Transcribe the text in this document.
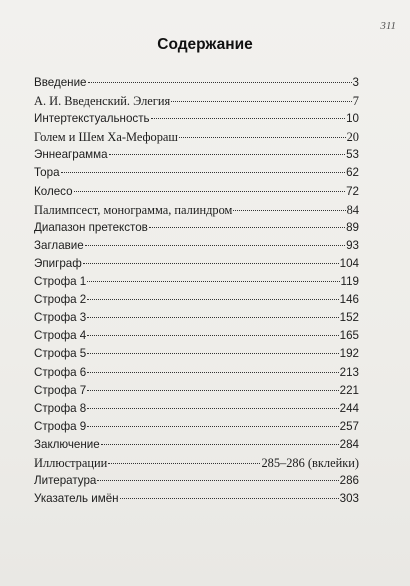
311
Содержание
Введение	3
А. И. Введенский. Элегия	7
Интертекстуальность	10
Голем и Шем Ха-Мефораш	20
Эннеаграмма	53
Тора	62
Колесо	72
Палимпсест, монограмма, палиндром	84
Диапазон претекстов	89
Заглавие	93
Эпиграф	104
Строфа 1	119
Строфа 2	146
Строфа 3	152
Строфа 4	165
Строфа 5	192
Строфа 6	213
Строфа 7	221
Строфа 8	244
Строфа 9	257
Заключение	284
Иллюстрации	285–286 (вклейки)
Литература	286
Указатель имён	303
